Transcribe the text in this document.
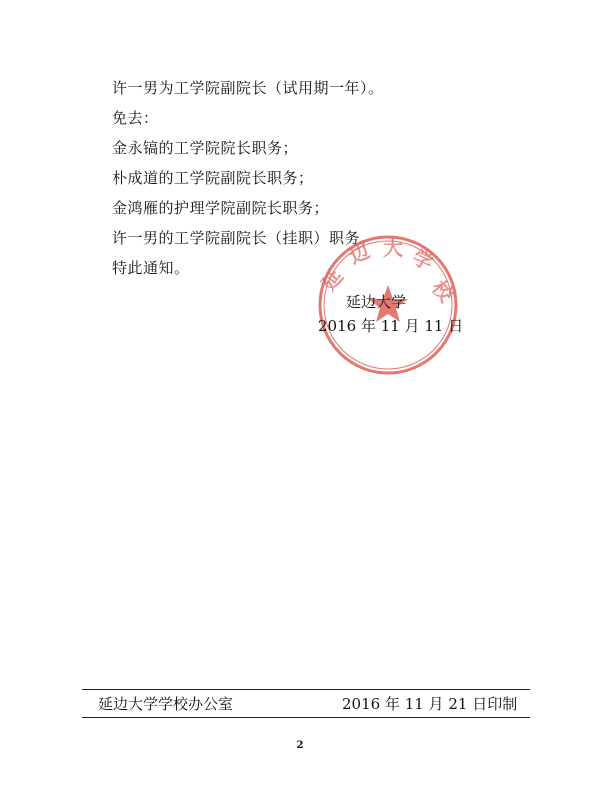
许一男为工学院副院长（试用期一年）。
免去：
金永镐的工学院院长职务；
朴成道的工学院副院长职务；
金鸿雁的护理学院副院长职务；
许一男的工学院副院长（挂职）职务。
特此通知。	延
边 大 学
校
延边大学
2016 年 11 月 11 日
延边大学学校办公室	2016 年 11 月 21 日印制
2
